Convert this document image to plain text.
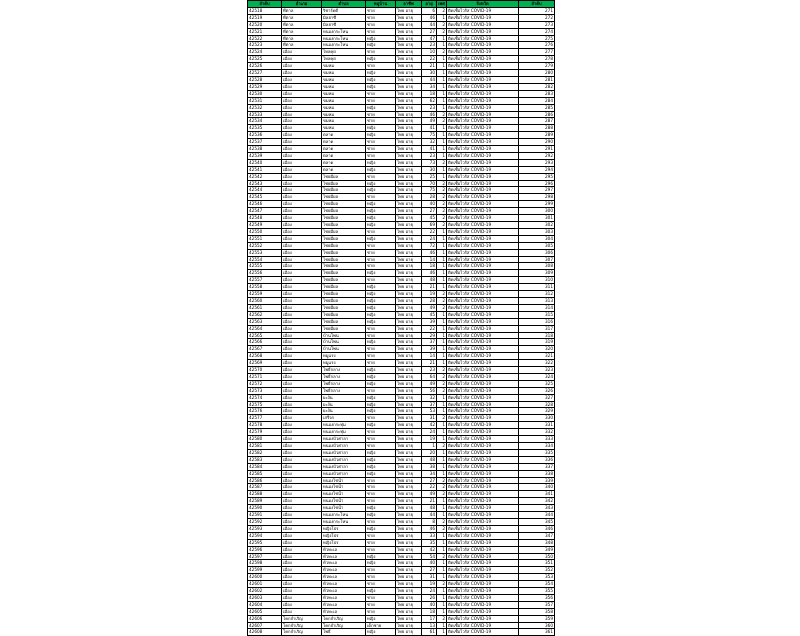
ลำดับ	อำเภอ	ตำบล	หมู่บ้าน	อาชีพ	อายุ	เพศ	จังหวัด	ลำดับ
42518	ทีตาล	ริชาร์ดดี	ชาย	ไทย อายุ	6	2	ติดเชื้อไวรัส COVID-19	271
42519	ทีตาล	มิลฮาซี	ชาย	ไทย อายุ	46	1	ติดเชื้อไวรัส COVID-19	272
42520	ทีตาล	มิลฮาซี	ชาย	ไทย อายุ	44	2	ติดเชื้อไวรัส COVID-19	273
42521	ทีตาล	หนองกระโหน	ชาย	ไทย อายุ	27	2	ติดเชื้อไวรัส COVID-19	274
42522	ทีตาล	หนองกระโหน	หญิง	ไทย อายุ	47	1	ติดเชื้อไวรัส COVID-19	275
42523	ทีตาล	หนองกระโหน	หญิง	ไทย อายุ	23	1	ติดเชื้อไวรัส COVID-19	276
42524	เมือง	ไหลคุย	ชาย	ไทย อายุ	10	2	ติดเชื้อไวรัส COVID-19	277
42525	เมือง	ไหลคุย	หญิง	ไทย อายุ	22	1	ติดเชื้อไวรัส COVID-19	278
42526	เมือง	ขมหม	ชาย	ไทย อายุ	21	1	ติดเชื้อไวรัส COVID-19	279
42527	เมือง	ขมหม	หญิง	ไทย อายุ	30	1	ติดเชื้อไวรัส COVID-19	280
42528	เมือง	ขมหม	หญิง	ไทย อายุ	44	1	ติดเชื้อไวรัส COVID-19	281
42529	เมือง	ขมหม	หญิง	ไทย อายุ	34	1	ติดเชื้อไวรัส COVID-19	282
42530	เมือง	ขมหม	ชาย	ไทย อายุ	18	1	ติดเชื้อไวรัส COVID-19	283
42531	เมือง	ขมหม	ชาย	ไทย อายุ	62	1	ติดเชื้อไวรัส COVID-19	284
42532	เมือง	ขมหม	หญิง	ไทย อายุ	23	1	ติดเชื้อไวรัส COVID-19	285
42533	เมือง	ขมหม	ชาย	ไทย อายุ	46	2	ติดเชื้อไวรัส COVID-19	286
42534	เมือง	ขมหม	ชาย	ไทย อายุ	49	2	ติดเชื้อไวรัส COVID-19	287
42535	เมือง	ขมหม	หญิง	ไทย อายุ	41	1	ติดเชื้อไวรัส COVID-19	288
42536	เมือง	ตลาด	หญิง	ไทย อายุ	75	1	ติดเชื้อไวรัส COVID-19	289
42537	เมือง	ตลาด	ชาย	ไทย อายุ	32	1	ติดเชื้อไวรัส COVID-19	290
42538	เมือง	ตลาด	ชาย	ไทย อายุ	41	1	ติดเชื้อไวรัส COVID-19	291
42539	เมือง	ตลาด	ชาย	ไทย อายุ	23	1	ติดเชื้อไวรัส COVID-19	292
42540	เมือง	ตลาด	หญิง	ไทย อายุ	73	2	ติดเชื้อไวรัส COVID-19	293
42541	เมือง	ตลาด	หญิง	ไทย อายุ	30	1	ติดเชื้อไวรัส COVID-19	294
42542	เมือง	ไชยมีผล	ชาย	ไทย อายุ	25	1	ติดเชื้อไวรัส COVID-19	295
42543	เมือง	ไชยมีผล	หญิง	ไทย อายุ	70	2	ติดเชื้อไวรัส COVID-19	296
42544	เมือง	ไชยมีผล	หญิง	ไทย อายุ	75	2	ติดเชื้อไวรัส COVID-19	297
42545	เมือง	ไชยมีผล	ชาย	ไทย อายุ	28	2	ติดเชื้อไวรัส COVID-19	298
42546	เมือง	ไชยมีผล	หญิง	ไทย อายุ	40	2	ติดเชื้อไวรัส COVID-19	299
42547	เมือง	ไชยมีผล	หญิง	ไทย อายุ	27	2	ติดเชื้อไวรัส COVID-19	300
42548	เมือง	ไชยมีผล	หญิง	ไทย อายุ	45	2	ติดเชื้อไวรัส COVID-19	301
42549	เมือง	ไชยมีผล	หญิง	ไทย อายุ	69	2	ติดเชื้อไวรัส COVID-19	302
42550	เมือง	ไชยมีผล	ชาย	ไทย อายุ	22	1	ติดเชื้อไวรัส COVID-19	303
42551	เมือง	ไชยมีผล	หญิง	ไทย อายุ	24	1	ติดเชื้อไวรัส COVID-19	304
42552	เมือง	ไชยมีผล	ชาย	ไทย อายุ	72	1	ติดเชื้อไวรัส COVID-19	305
42553	เมือง	ไชยมีผล	ชาย	ไทย อายุ	46	1	ติดเชื้อไวรัส COVID-19	306
42554	เมือง	ไชยมีผล	ชาย	ไทย อายุ	14	1	ติดเชื้อไวรัส COVID-19	307
42555	เมือง	ไชยมีผล	ชาย	ไทย อายุ	18	1	ติดเชื้อไวรัส COVID-19	308
42556	เมือง	ไชยมีผล	หญิง	ไทย อายุ	46	1	ติดเชื้อไวรัส COVID-19	309
42557	เมือง	ไชยมีผล	ชาย	ไทย อายุ	48	1	ติดเชื้อไวรัส COVID-19	310
42558	เมือง	ไชยมีผล	หญิง	ไทย อายุ	21	1	ติดเชื้อไวรัส COVID-19	311
42559	เมือง	ไชยมีผล	หญิง	ไทย อายุ	19	2	ติดเชื้อไวรัส COVID-19	312
42560	เมือง	ไชยมีผล	หญิง	ไทย อายุ	28	2	ติดเชื้อไวรัส COVID-19	313
42561	เมือง	ไชยมีผล	หญิง	ไทย อายุ	49	2	ติดเชื้อไวรัส COVID-19	314
42562	เมือง	ไชยมีผล	หญิง	ไทย อายุ	45	1	ติดเชื้อไวรัส COVID-19	315
42563	เมือง	ไชยมีผล	หญิง	ไทย อายุ	39	1	ติดเชื้อไวรัส COVID-19	316
42564	เมือง	ไชยมีผล	ชาย	ไทย อายุ	22	1	ติดเชื้อไวรัส COVID-19	317
42565	เมือง	บ้านโพน	ชาย	ไทย อายุ	29	1	ติดเชื้อไวรัส COVID-19	318
42566	เมือง	บ้านโพน	หญิง	ไทย อายุ	37	1	ติดเชื้อไวรัส COVID-19	319
42567	เมือง	บ้านโพน	ชาย	ไทย อายุ	39	1	ติดเชื้อไวรัส COVID-19	320
42568	เมือง	หมูแรง	ชาย	ไทย อายุ	14	1	ติดเชื้อไวรัส COVID-19	321
42569	เมือง	หมูแรง	ชาย	ไทย อายุ	21	1	ติดเชื้อไวรัส COVID-19	322
42570	เมือง	โพธิ์กลาง	หญิง	ไทย อายุ	23	2	ติดเชื้อไวรัส COVID-19	323
42571	เมือง	โพธิ์กลาง	หญิง	ไทย อายุ	64	2	ติดเชื้อไวรัส COVID-19	324
42572	เมือง	โพธิ์กลาง	หญิง	ไทย อายุ	49	2	ติดเชื้อไวรัส COVID-19	325
42573	เมือง	โพธิ์กลาง	ชาย	ไทย อายุ	56	2	ติดเชื้อไวรัส COVID-19	326
42574	เมือง	ผะงัน	หญิง	ไทย อายุ	32	1	ติดเชื้อไวรัส COVID-19	327
42575	เมือง	ผะงัน	หญิง	ไทย อายุ	37	1	ติดเชื้อไวรัส COVID-19	328
42576	เมือง	ผะงัน	หญิง	ไทย อายุ	53	1	ติดเชื้อไวรัส COVID-19	329
42577	เมือง	เสรีจร	ชาย	ไทย อายุ	31	2	ติดเชื้อไวรัส COVID-19	330
42578	เมือง	หนองกระทุ่ม	หญิง	ไทย อายุ	42	1	ติดเชื้อไวรัส COVID-19	331
42579	เมือง	หนองกระทุ่ม	ชาย	ไทย อายุ	24	1	ติดเชื้อไวรัส COVID-19	332
42580	เมือง	หนองบัวศาลา	ชาย	ไทย อายุ	19	1	ติดเชื้อไวรัส COVID-19	333
42581	เมือง	หนองบัวศาลา	ชาย	ไทย อายุ	1	2	ติดเชื้อไวรัส COVID-19	334
42582	เมือง	หนองบัวศาลา	หญิง	ไทย อายุ	20	1	ติดเชื้อไวรัส COVID-19	335
42583	เมือง	หนองบัวศาลา	หญิง	ไทย อายุ	48	1	ติดเชื้อไวรัส COVID-19	336
42584	เมือง	หนองบัวศาลา	หญิง	ไทย อายุ	38	1	ติดเชื้อไวรัส COVID-19	337
42585	เมือง	หนองบัวศาลา	หญิง	ไทย อายุ	34	1	ติดเชื้อไวรัส COVID-19	338
42586	เมือง	หนองไข่น้ำ	ชาย	ไทย อายุ	27	2	ติดเชื้อไวรัส COVID-19	339
42587	เมือง	หนองไข่น้ำ	ชาย	ไทย อายุ	22	2	ติดเชื้อไวรัส COVID-19	340
42588	เมือง	หนองไข่น้ำ	ชาย	ไทย อายุ	49	2	ติดเชื้อไวรัส COVID-19	341
42589	เมือง	หนองไข่น้ำ	ชาย	ไทย อายุ	21	1	ติดเชื้อไวรัส COVID-19	342
42590	เมือง	หนองไข่น้ำ	หญิง	ไทย อายุ	48	1	ติดเชื้อไวรัส COVID-19	343
42591	เมือง	หนองกระโหน	หญิง	ไทย อายุ	44	1	ติดเชื้อไวรัส COVID-19	344
42592	เมือง	หนองกระโหน	ชาย	ไทย อายุ	8	2	ติดเชื้อไวรัส COVID-19	345
42593	เมือง	หญิงโปร	หญิง	ไทย อายุ	46	2	ติดเชื้อไวรัส COVID-19	346
42594	เมือง	หญิงโปร	ชาย	ไทย อายุ	33	1	ติดเชื้อไวรัส COVID-19	347
42595	เมือง	หญิงโปร	ชาย	ไทย อายุ	35	1	ติดเชื้อไวรัส COVID-19	348
42596	เมือง	หัวทะเล	ชาย	ไทย อายุ	42	1	ติดเชื้อไวรัส COVID-19	349
42597	เมือง	หัวทะเล	หญิง	ไทย อายุ	54	2	ติดเชื้อไวรัส COVID-19	350
42598	เมือง	หัวทะเล	หญิง	ไทย อายุ	40	1	ติดเชื้อไวรัส COVID-19	351
42599	เมือง	หัวทะเล	ชาย	ไทย อายุ	27	1	ติดเชื้อไวรัส COVID-19	352
42600	เมือง	หัวทะเล	ชาย	ไทย อายุ	31	1	ติดเชื้อไวรัส COVID-19	353
42601	เมือง	หัวทะเล	ชาย	ไทย อายุ	19	2	ติดเชื้อไวรัส COVID-19	354
42602	เมือง	หัวทะเล	หญิง	ไทย อายุ	24	1	ติดเชื้อไวรัส COVID-19	355
42603	เมือง	หัวทะเล	ชาย	ไทย อายุ	26	1	ติดเชื้อไวรัส COVID-19	356
42604	เมือง	หัวทะเล	ชาย	ไทย อายุ	40	1	ติดเชื้อไวรัส COVID-19	357
42605	เมือง	หัวทะเล	ชาย	ไทย อายุ	18	1	ติดเชื้อไวรัส COVID-19	358
42606	โคกจำเริญ	โคกจำเริญ	หญิง	ไทย อายุ	17	2	ติดเชื้อไวรัส COVID-19	359
42607	โคกจำเริญ	โคกจำเริญ	เด็กชาย	ไทย อายุ	13	1	ติดเชื้อไวรัส COVID-19	360
42608	โคกจำเริญ	โพธิ์	หญิง	ไทย อายุ	61	1	ติดเชื้อไวรัส COVID-19	361
